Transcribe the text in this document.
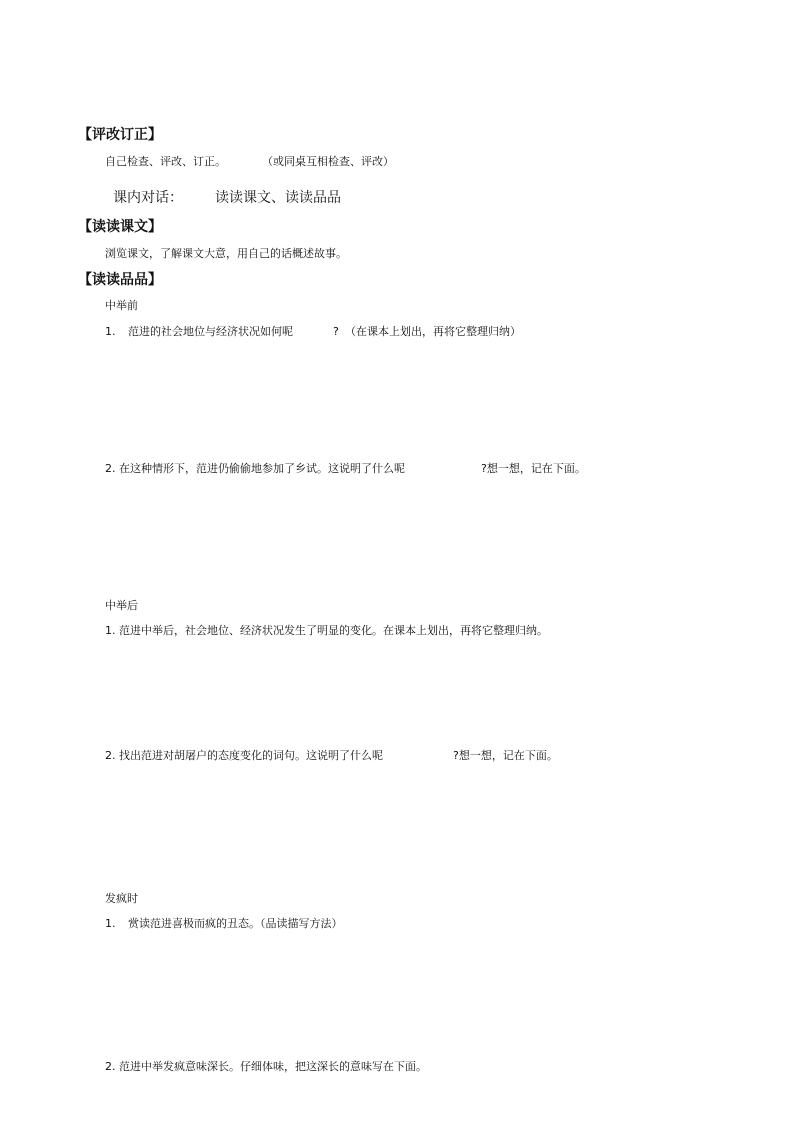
【评改订正】
自己检查、评改、订正。	（或同桌互相检查、评改）
课内对话： 读读课文、读读品品
【读读课文】
浏览课文，了解课文大意，用自己的话概述故事。
【读读品品】
中举前
1. 范进的社会地位与经济状况如何呢	? （在课本上划出，再将它整理归纳）
2. 在这种情形下，范进仍偷偷地参加了乡试。这说明了什么呢	?想一想，记在下面。
中举后
1. 范进中举后，社会地位、经济状况发生了明显的变化。在课本上划出，再将它整理归纳。
2. 找出范进对胡屠户的态度变化的词句。这说明了什么呢	?想一想，记在下面。
发疯时
1. 赏读范进喜极而疯的丑态。（品读描写方法）
2. 范进中举发疯意味深长。仔细体味，把这深长的意味写在下面。
